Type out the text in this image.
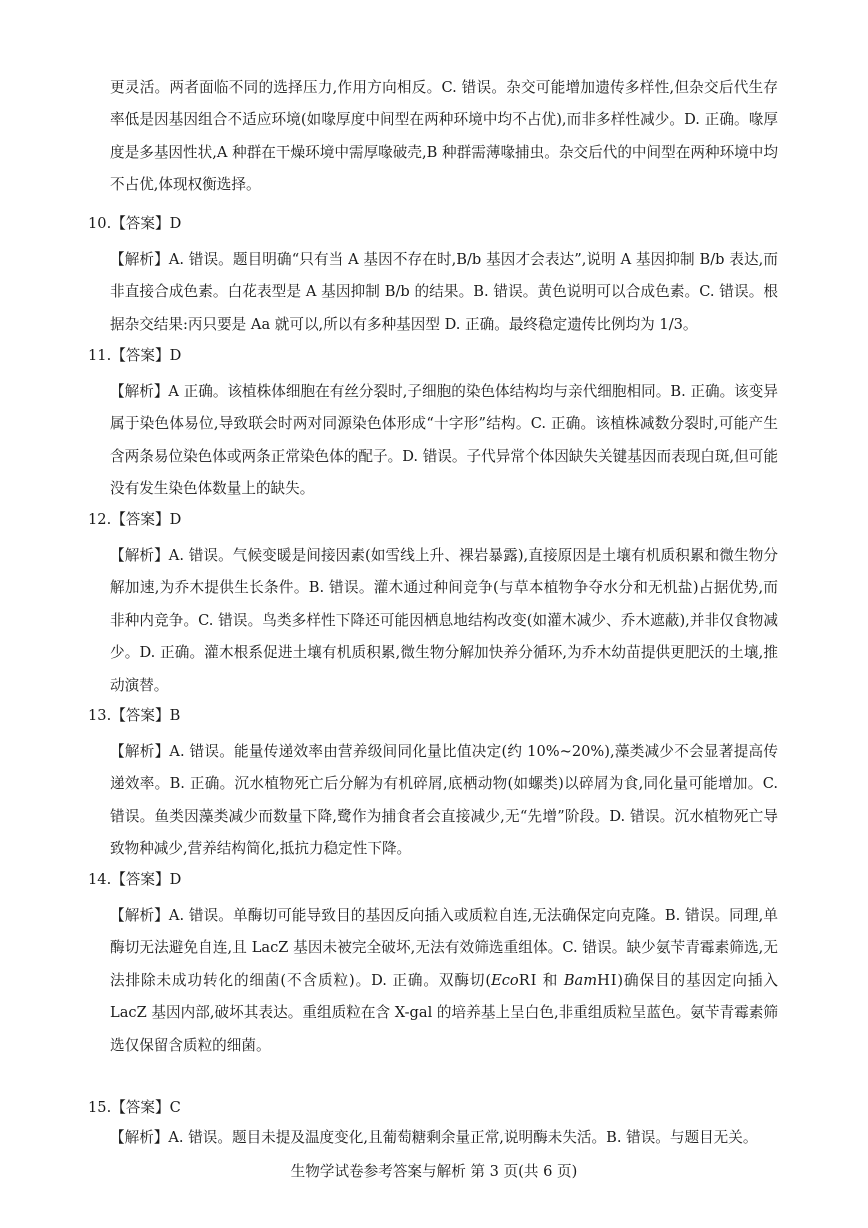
更灵活。两者面临不同的选择压力,作用方向相反。C. 错误。杂交可能增加遗传多样性,但杂交后代生存率低是因基因组合不适应环境(如喙厚度中间型在两种环境中均不占优),而非多样性减少。D. 正确。喙厚度是多基因性状,A 种群在干燥环境中需厚喙破壳,B 种群需薄喙捕虫。杂交后代的中间型在两种环境中均不占优,体现权衡选择。

10.【答案】D

【解析】A. 错误。题目明确“只有当 A 基因不存在时,B/b 基因才会表达”,说明 A 基因抑制 B/b 表达,而非直接合成色素。白花表型是 A 基因抑制 B/b 的结果。B. 错误。黄色说明可以合成色素。C. 错误。根据杂交结果:丙只要是 Aa 就可以,所以有多种基因型 D. 正确。最终稳定遗传比例均为 1/3。

11.【答案】D

【解析】A 正确。该植株体细胞在有丝分裂时,子细胞的染色体结构均与亲代细胞相同。B. 正确。该变异属于染色体易位,导致联会时两对同源染色体形成“十字形”结构。C. 正确。该植株减数分裂时,可能产生含两条易位染色体或两条正常染色体的配子。D. 错误。子代异常个体因缺失关键基因而表现白斑,但可能没有发生染色体数量上的缺失。

12.【答案】D

【解析】A. 错误。气候变暖是间接因素(如雪线上升、裸岩暴露),直接原因是土壤有机质积累和微生物分解加速,为乔木提供生长条件。B. 错误。灌木通过种间竞争(与草本植物争夺水分和无机盐)占据优势,而非种内竞争。C. 错误。鸟类多样性下降还可能因栖息地结构改变(如灌木减少、乔木遮蔽),并非仅食物减少。D. 正确。灌木根系促进土壤有机质积累,微生物分解加快养分循环,为乔木幼苗提供更肥沃的土壤,推动演替。

13.【答案】B

【解析】A. 错误。能量传递效率由营养级间同化量比值决定(约 10%~20%),藻类减少不会显著提高传递效率。B. 正确。沉水植物死亡后分解为有机碎屑,底栖动物(如螺类)以碎屑为食,同化量可能增加。C. 错误。鱼类因藻类减少而数量下降,鹭作为捕食者会直接减少,无“先增”阶段。D. 错误。沉水植物死亡导致物种减少,营养结构简化,抵抗力稳定性下降。

14.【答案】D

【解析】A. 错误。单酶切可能导致目的基因反向插入或质粒自连,无法确保定向克隆。B. 错误。同理,单酶切无法避免自连,且 LacZ 基因未被完全破坏,无法有效筛选重组体。C. 错误。缺少氨苄青霉素筛选,无法排除未成功转化的细菌(不含质粒)。D. 正确。双酶切(EcoRⅠ 和 BamHⅠ)确保目的基因定向插入 LacZ 基因内部,破坏其表达。重组质粒在含 X-gal 的培养基上呈白色,非重组质粒呈蓝色。氨苄青霉素筛选仅保留含质粒的细菌。

15.【答案】C

【解析】A. 错误。题目未提及温度变化,且葡萄糖剩余量正常,说明酶未失活。B. 错误。与题目无关。

生物学试卷参考答案与解析 第 3 页(共 6 页)
